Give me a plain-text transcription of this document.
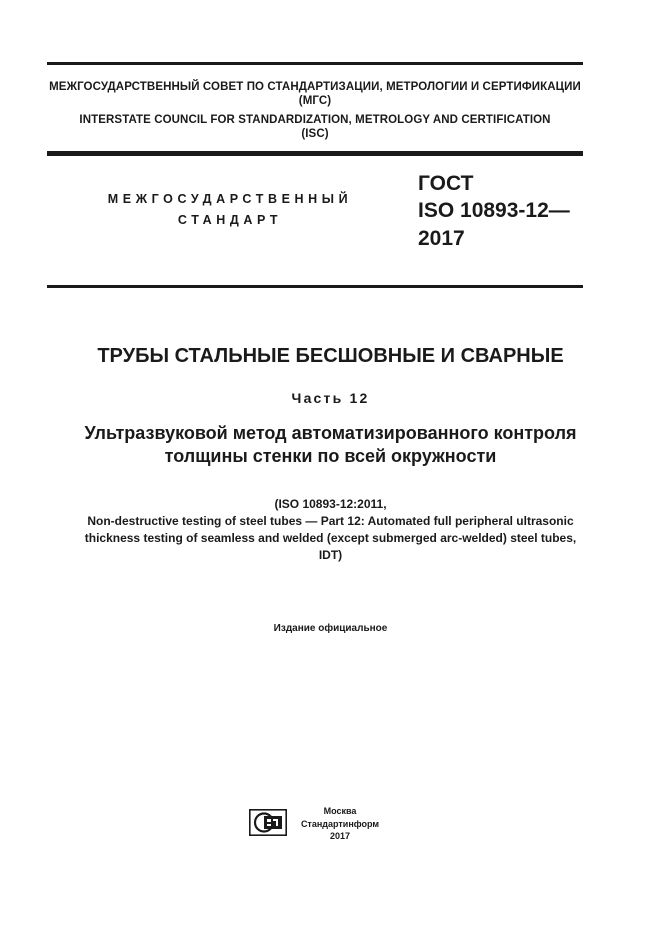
МЕЖГОСУДАРСТВЕННЫЙ СОВЕТ ПО СТАНДАРТИЗАЦИИ, МЕТРОЛОГИИ И СЕРТИФИКАЦИИ
(МГС)
INTERSTATE COUNCIL FOR STANDARDIZATION, METROLOGY AND CERTIFICATION
(ISC)
МЕЖГОСУДАРСТВЕННЫЙ
СТАНДАРТ
ГОСТ
ISO 10893-12—
2017
ТРУБЫ СТАЛЬНЫЕ БЕСШОВНЫЕ И СВАРНЫЕ
Часть 12
Ультразвуковой метод автоматизированного контроля
толщины стенки по всей окружности
(ISO 10893-12:2011,
Non-destructive testing of steel tubes — Part 12: Automated full peripheral ultrasonic
thickness testing of seamless and welded (except submerged arc-welded) steel tubes,
IDT)
Издание официальное
Москва
Стандартинформ
2017
